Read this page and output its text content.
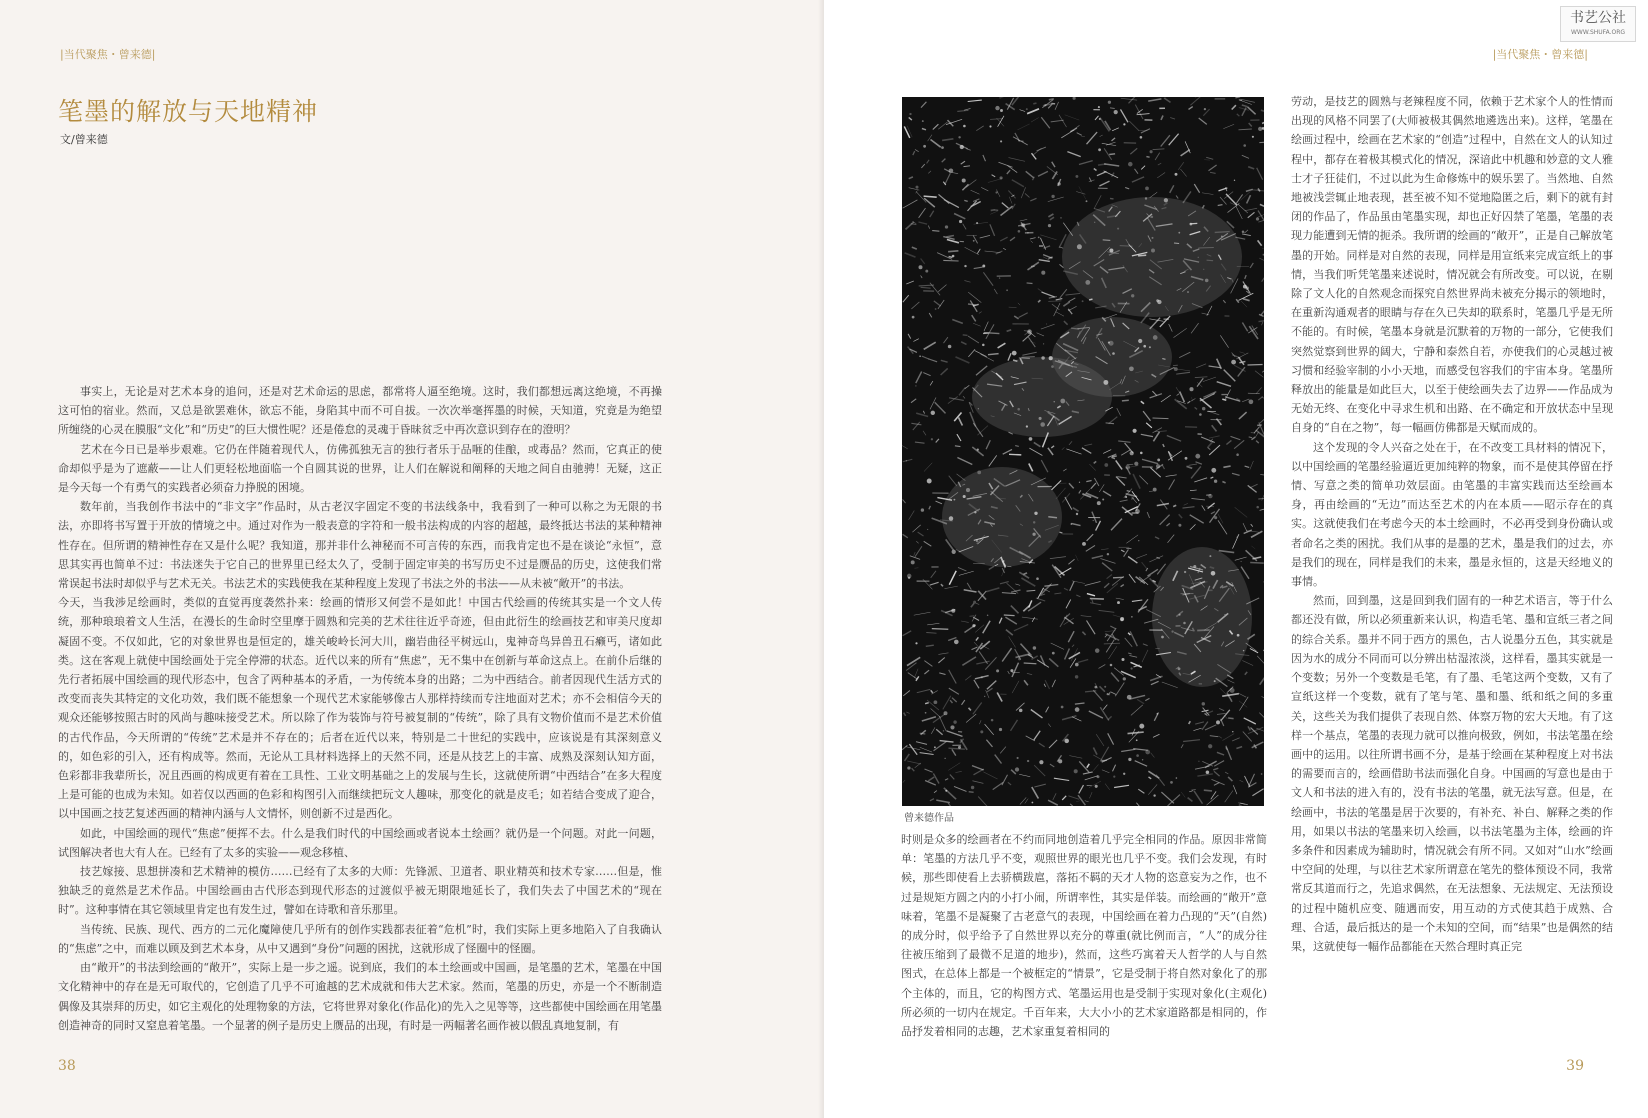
|当代聚焦・曾来德|
笔墨的解放与天地精神
文/曾来德

事实上，无论是对艺术本身的追问，还是对艺术命运的思虑，都常将人逼至绝境。这时，我们都想远离这绝境，不再操这可怕的宿业。然而，又总是欲罢难休，欲忘不能，身陷其中而不可自拔。一次次举毫挥墨的时候，天知道，究竟是为绝望所缠绕的心灵在膜服“文化”和“历史”的巨大惯性呢？还是倦怠的灵魂于昏昧贫乏中再次意识到存在的澄明？

艺术在今日已是举步艰难。它仍在伴随着现代人，仿佛孤独无言的独行者乐于品咂的佳酿，或毒品？然而，它真正的使命却似乎是为了遮蔽——让人们更轻松地面临一个自圆其说的世界，让人们在解说和阐释的天地之间自由驰骋！无疑，这正是今天每一个有勇气的实践者必须奋力挣脱的困境。

数年前，当我创作书法中的“非文字”作品时，从古老汉字固定不变的书法线条中，我看到了一种可以称之为无限的书法，亦即将书写置于开放的情境之中。通过对作为一般表意的字符和一般书法构成的内容的超越，最终抵达书法的某种精神性存在。但所谓的精神性存在又是什么呢？我知道，那并非什么神秘而不可言传的东西，而我肯定也不是在谈论“永恒”，意思其实再也简单不过：书法迷失于它自己的世界里已经太久了，受制于固定审美的书写历史不过是赝品的历史，这使我们常常误起书法时却似乎与艺术无关。书法艺术的实践使我在某种程度上发现了书法之外的书法——从未被“敞开”的书法。

今天，当我涉足绘画时，类似的直觉再度袭然扑来：绘画的情形又何尝不是如此！中国古代绘画的传统其实是一个文人传统，那种琅琅着文人生活，在漫长的生命时空里摩于圆熟和完美的艺术往往近乎奇迹，但由此衍生的绘画技艺和审美尺度却凝固不变。不仅如此，它的对象世界也是恒定的，雄关峻岭长河大川，幽岩曲径平树远山，鬼神奇鸟异兽丑石癞丐，诸如此类。这在客观上就使中国绘画处于完全停滞的状态。近代以来的所有“焦虑”，无不集中在创新与革命这点上。在前仆后继的先行者拓展中国绘画的现代形态中，包含了两种基本的矛盾，一为传统本身的出路；二为中西结合。前者因现代生活方式的改变而丧失其特定的文化功效，我们既不能想象一个现代艺术家能够像古人那样持续而专注地面对艺术；亦不会相信今天的观众还能够按照古时的风尚与趣味接受艺术。所以除了作为装饰与符号被复制的“传统”，除了具有文物价值而不是艺术价值的古代作品，今天所谓的“传统”艺术是并不存在的；后者在近代以来，特别是二十世纪的实践中，应该说是有其深刻意义的，如色彩的引入，还有构成等。然而，无论从工具材料选择上的天然不同，还是从技艺上的丰富、成熟及深刻认知方面，色彩都非我辈所长，况且西画的构成更有着在工具性、工业文明基础之上的发展与生长，这就使所谓“中西结合”在多大程度上是可能的也成为未知。如若仅以西画的色彩和构图引入而继续把玩文人趣味，那变化的就是皮毛；如若结合变成了迎合，以中国画之技艺复述西画的精神内涵与人文情怀，则创新不过是西化。

如此，中国绘画的现代“焦虑”便挥不去。什么是我们时代的中国绘画或者说本土绘画？就仍是一个问题。对此一问题，试图解决者也大有人在。已经有了太多的实验——观念移植、

技艺嫁接、思想拼凑和艺术精神的模仿……已经有了太多的大师：先锋派、卫道者、职业精英和技术专家……但是，惟独缺乏的竟然是艺术作品。中国绘画由古代形态到现代形态的过渡似乎被无期限地延长了，我们失去了中国艺术的“现在时”。这种事情在其它领域里肯定也有发生过，譬如在诗歌和音乐那里。

当传统、民族、现代、西方的二元化魔障使几乎所有的创作实践都表征着“危机”时，我们实际上更多地陷入了自我确认的“焦虑”之中，而难以顾及到艺术本身，从中又遇到“身份”问题的困扰，这就形成了怪圈中的怪圈。

由“敞开”的书法到绘画的“敞开”，实际上是一步之遥。说到底，我们的本土绘画或中国画，是笔墨的艺术，笔墨在中国文化精神中的存在是无可取代的，它创造了几乎不可逾越的艺术成就和伟大艺术家。然而，笔墨的历史，亦是一个不断制造偶像及其崇拜的历史，如它主观化的处理物象的方法，它将世界对象化(作品化)的先入之见等等，这些都使中国绘画在用笔墨创造神奇的同时又窒息着笔墨。一个显著的例子是历史上赝品的出现，有时是一两幅著名画作被以假乱真地复制，有

38
书艺公社
WWW.SHUFA.ORG
|当代聚焦・曾来德|
曾来德作品

时则是众多的绘画者在不约而同地创造着几乎完全相同的作品。原因非常简单：笔墨的方法几乎不变，观照世界的眼光也几乎不变。我们会发现，有时候，那些即使看上去骄横跋扈，落拓不羁的天才人物的恣意妄为之作，也不过是规矩方圆之内的小打小闹，所谓率性，其实是佯装。而绘画的“敞开”意味着，笔墨不是凝聚了古老意气的表现，中国绘画在着力凸现的“天”(自然)的成分时，似乎给予了自然世界以充分的尊重(就比例而言，“人”的成分往往被压缩到了最微不足道的地步)，然而，这些巧寓着天人哲学的人与自然图式，在总体上都是一个被框定的“情景”，它是受制于将自然对象化了的那个主体的，而且，它的构图方式、笔墨运用也是受制于实现对象化(主观化)所必须的一切内在规定。千百年来，大大小小的艺术家道路都是相同的，作品抒发着相同的志趣，艺术家重复着相同的

劳动，是技艺的圆熟与老辣程度不同，依赖于艺术家个人的性情而出现的风格不同罢了(大师被极其偶然地遴选出来)。这样，笔墨在绘画过程中，绘画在艺术家的“创造”过程中，自然在文人的认知过程中，都存在着极其模式化的情况，深谙此中机趣和妙意的文人雅士才子狂徒们，不过以此为生命修炼中的娱乐罢了。当然地、自然地被浅尝辄止地表现，甚至被不知不觉地隐匿之后，剩下的就有封闭的作品了，作品虽由笔墨实现，却也正好囚禁了笔墨，笔墨的表现力能遭到无情的扼杀。我所谓的绘画的“敞开”，正是自己解放笔墨的开始。同样是对自然的表现，同样是用宣纸来完成宣纸上的事情，当我们听凭笔墨来述说时，情况就会有所改变。可以说，在剔除了文人化的自然观念而探究自然世界尚未被充分揭示的领地时，在重新沟通观者的眼睛与存在久已失却的联系时，笔墨几乎是无所不能的。有时候，笔墨本身就是沉默着的万物的一部分，它使我们突然觉察到世界的阔大，宁静和泰然自若，亦使我们的心灵越过被习惯和经验宰制的小小天地，而感受包容我们的宇宙本身。笔墨所释放出的能量是如此巨大，以至于使绘画失去了边界——作品成为无始无终、在变化中寻求生机和出路、在不确定和开放状态中呈现自身的“自在之物”，每一幅画仿佛都是天赋而成的。

这个发现的令人兴奋之处在于，在不改变工具材料的情况下，以中国绘画的笔墨经验逼近更加纯粹的物象，而不是使其停留在抒情、写意之类的简单功效层面。由笔墨的丰富实践而达至绘画本身，再由绘画的“无边”而达至艺术的内在本质——昭示存在的真实。这就使我们在考虑今天的本土绘画时，不必再受到身份确认或者命名之类的困扰。我们从事的是墨的艺术，墨是我们的过去，亦是我们的现在，同样是我们的未来，墨是永恒的，这是天经地义的事情。

然而，回到墨，这是回到我们固有的一种艺术语言，等于什么都还没有做，所以必须重新来认识，构造毛笔、墨和宣纸三者之间的综合关系。墨并不同于西方的黑色，古人说墨分五色，其实就是因为水的成分不同而可以分辨出枯湿浓淡，这样看，墨其实就是一个变数；另外一个变数是毛笔，有了墨、毛笔这两个变数，又有了宣纸这样一个变数，就有了笔与笔、墨和墨、纸和纸之间的多重关，这些关为我们提供了表现自然、体察万物的宏大天地。有了这样一个基点，笔墨的表现力就可以推向极致，例如，书法笔墨在绘画中的运用。以往所谓书画不分，是基于绘画在某种程度上对书法的需要而言的，绘画借助书法而强化自身。中国画的写意也是由于文人和书法的进入有的，没有书法的笔墨，就无法写意。但是，在绘画中，书法的笔墨是居于次要的，有补充、补白、解释之类的作用，如果以书法的笔墨来切入绘画，以书法笔墨为主体，绘画的许多条件和因素成为辅助时，情况就会有所不同。又如对“山水”绘画中空间的处理，与以往艺术家所谓意在笔先的整体预设不同，我常常反其道而行之，先追求偶然，在无法想象、无法规定、无法预设的过程中随机应变、随遇而安，用互动的方式使其趋于成熟、合理、合适，最后抵达的是一个未知的空间，而“结果”也是偶然的结果，这就使每一幅作品都能在天然合理时真正完

39
